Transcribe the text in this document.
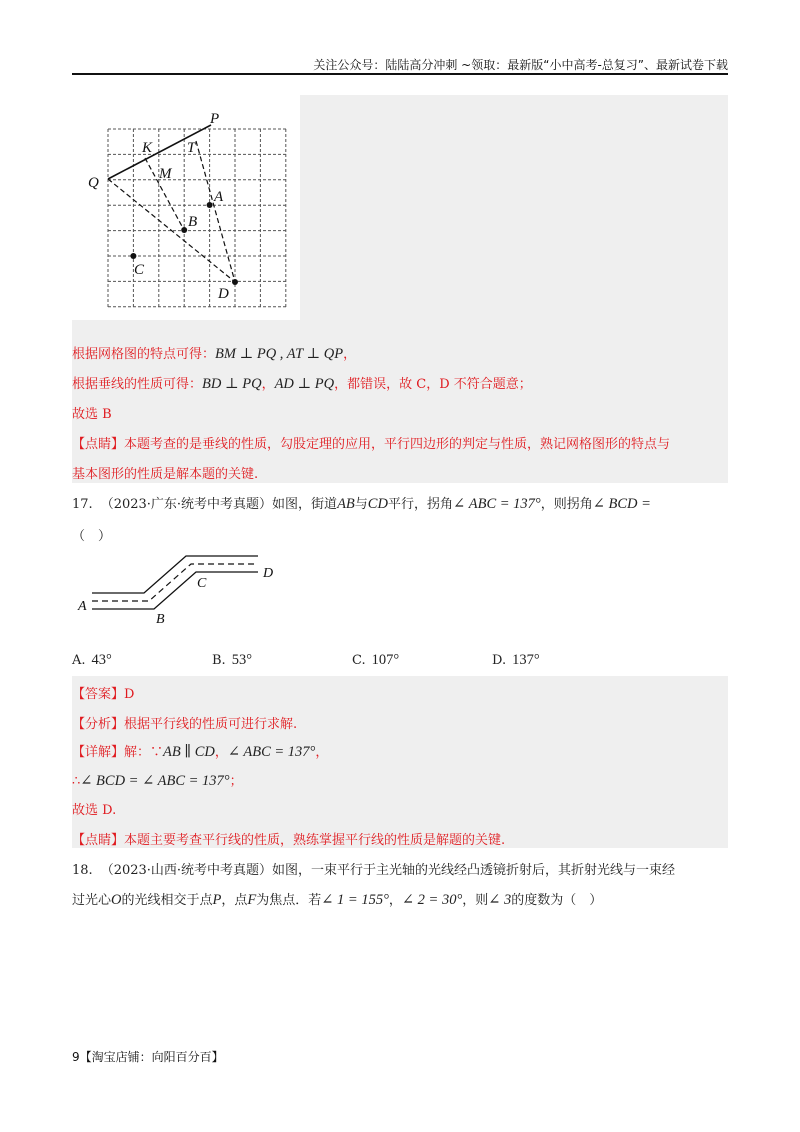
关注公众号：陆陆高分冲刺 ~领取：最新版“小中高考-总复习”、最新试卷下载
P
Q
K T
M
A
B
C
D
根据网格图的特点可得：BM ⊥ PQ , AT ⊥ QP，
根据垂线的性质可得：BD ⊥ PQ，AD ⊥ PQ，都错误，故 C，D 不符合题意；
故选 B
【点睛】本题考查的是垂线的性质，勾股定理的应用，平行四边形的判定与性质，熟记网格图形的特点与
基本图形的性质是解本题的关键.
17. （2023·广东·统考中考真题）如图，街道AB与CD平行，拐角∠ ABC = 137°，则拐角∠ BCD =
（　）
A
B
C
D
A. 43°	B. 53°	C. 107°	D. 137°
【答案】D
【分析】根据平行线的性质可进行求解.
【详解】解：∵AB ∥ CD，∠ ABC = 137°，
∴∠ BCD = ∠ ABC = 137°；
故选 D.
【点睛】本题主要考查平行线的性质，熟练掌握平行线的性质是解题的关键.
18. （2023·山西·统考中考真题）如图，一束平行于主光轴的光线经凸透镜折射后，其折射光线与一束经
过光心O的光线相交于点P，点F为焦点．若∠ 1 = 155°，∠ 2 = 30°，则∠ 3的度数为（　）
9【淘宝店铺：向阳百分百】
